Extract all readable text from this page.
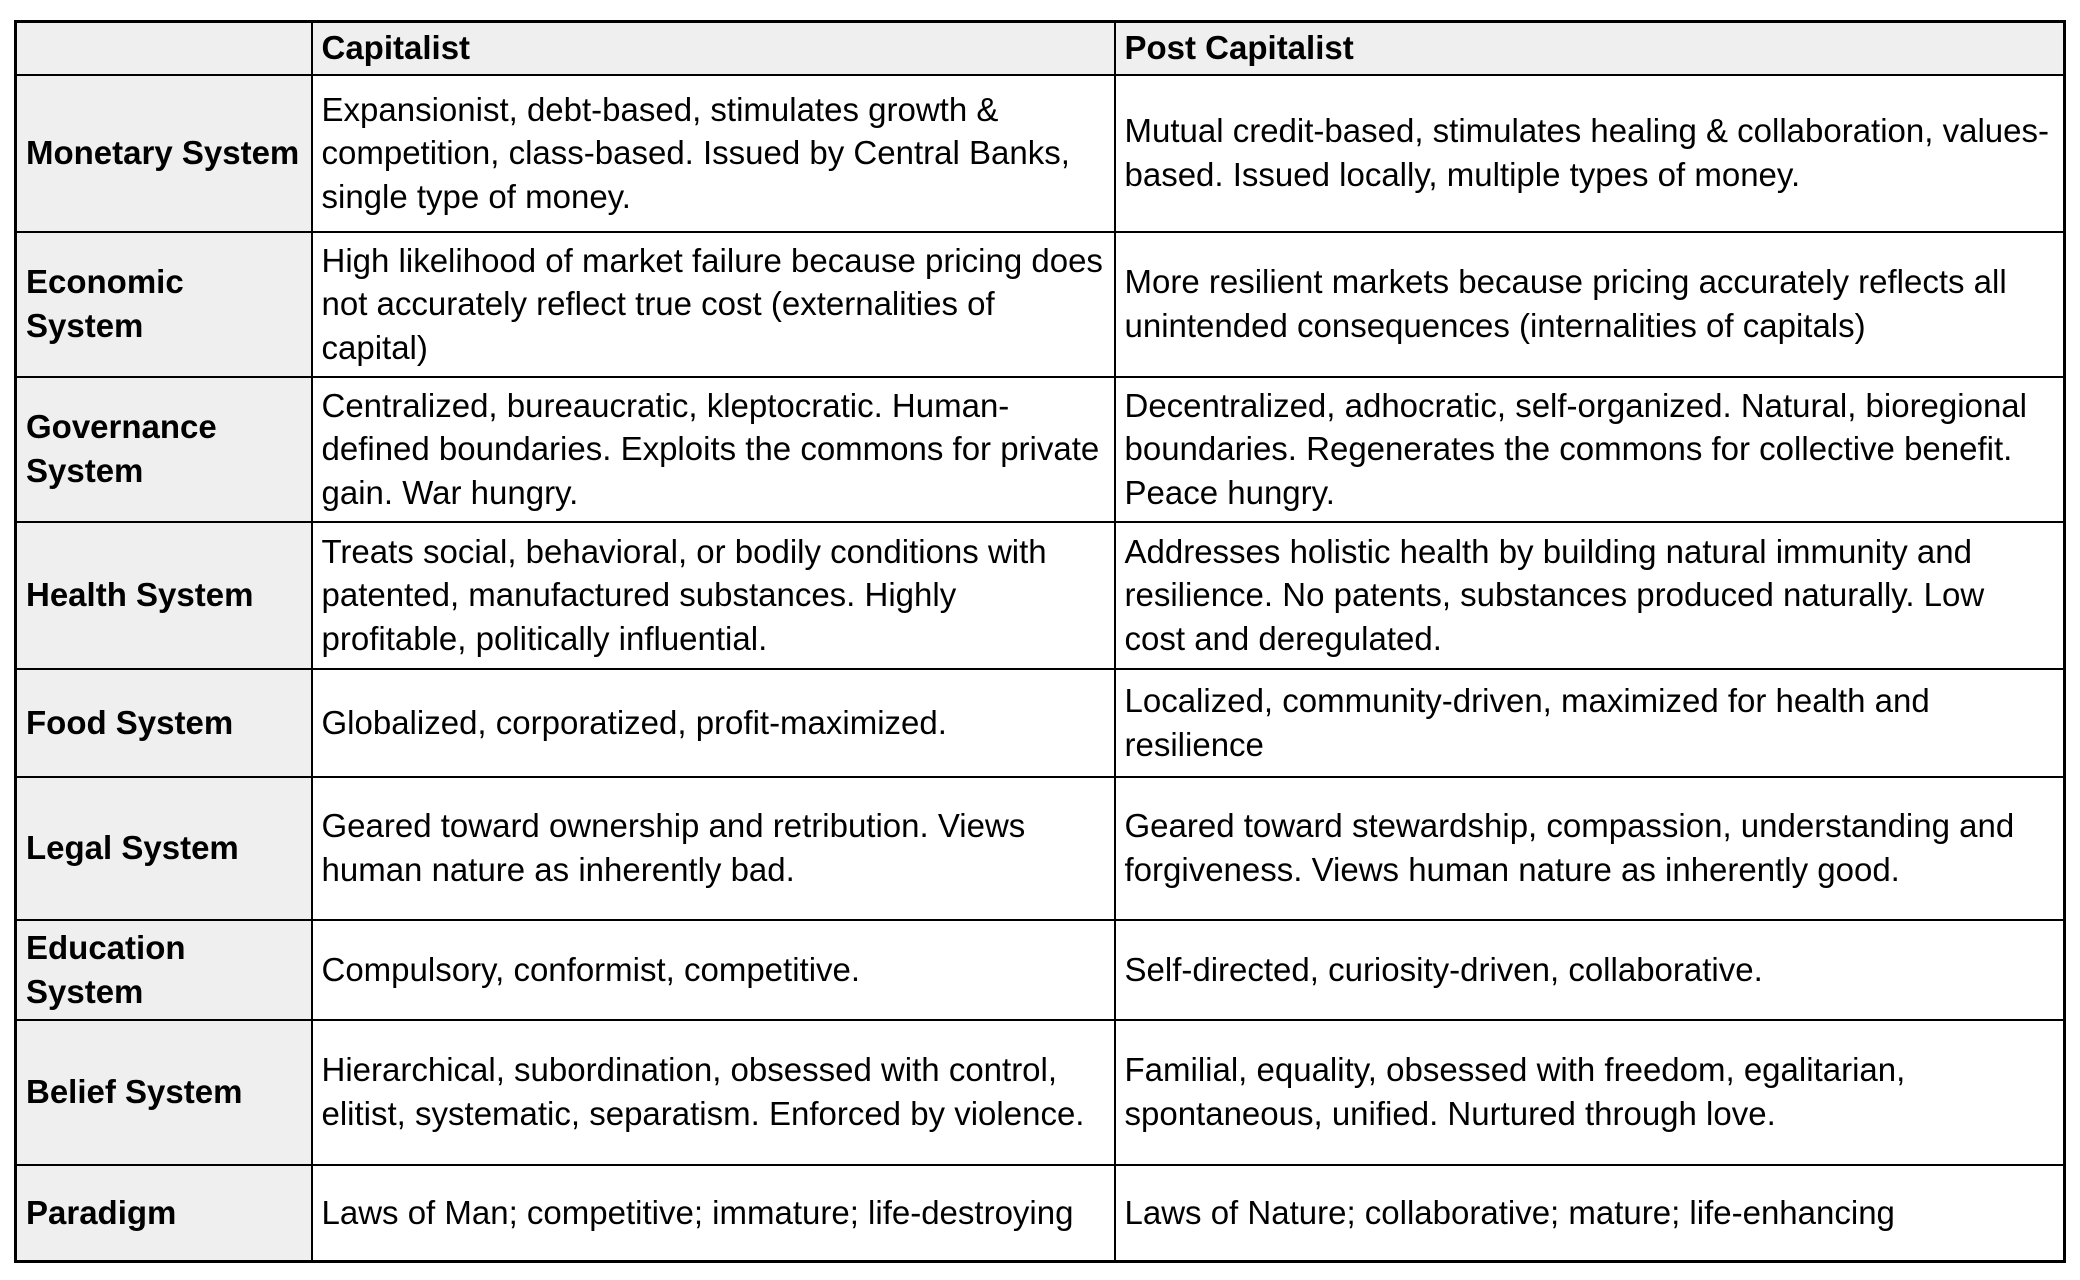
	Capitalist	Post Capitalist
Monetary System	Expansionist, debt-based, stimulates growth & competition, class-based. Issued by Central Banks, single type of money.	Mutual credit-based, stimulates healing & collaboration, values-based. Issued locally, multiple types of money.
Economic System	High likelihood of market failure because pricing does not accurately reflect true cost (externalities of capital)	More resilient markets because pricing accurately reflects all unintended consequences (internalities of capitals)
Governance System	Centralized, bureaucratic, kleptocratic. Human-defined boundaries. Exploits the commons for private gain. War hungry.	Decentralized, adhocratic, self-organized. Natural, bioregional boundaries. Regenerates the commons for collective benefit. Peace hungry.
Health System	Treats social, behavioral, or bodily conditions with patented, manufactured substances. Highly profitable, politically influential.	Addresses holistic health by building natural immunity and resilience. No patents, substances produced naturally. Low cost and deregulated.
Food System	Globalized, corporatized, profit-maximized.	Localized, community-driven, maximized for health and resilience
Legal System	Geared toward ownership and retribution. Views human nature as inherently bad.	Geared toward stewardship, compassion, understanding and forgiveness. Views human nature as inherently good.
Education System	Compulsory, conformist, competitive.	Self-directed, curiosity-driven, collaborative.
Belief System	Hierarchical, subordination, obsessed with control, elitist, systematic, separatism. Enforced by violence.	Familial, equality, obsessed with freedom, egalitarian, spontaneous, unified. Nurtured through love.
Paradigm	Laws of Man; competitive; immature; life-destroying	Laws of Nature; collaborative; mature; life-enhancing
